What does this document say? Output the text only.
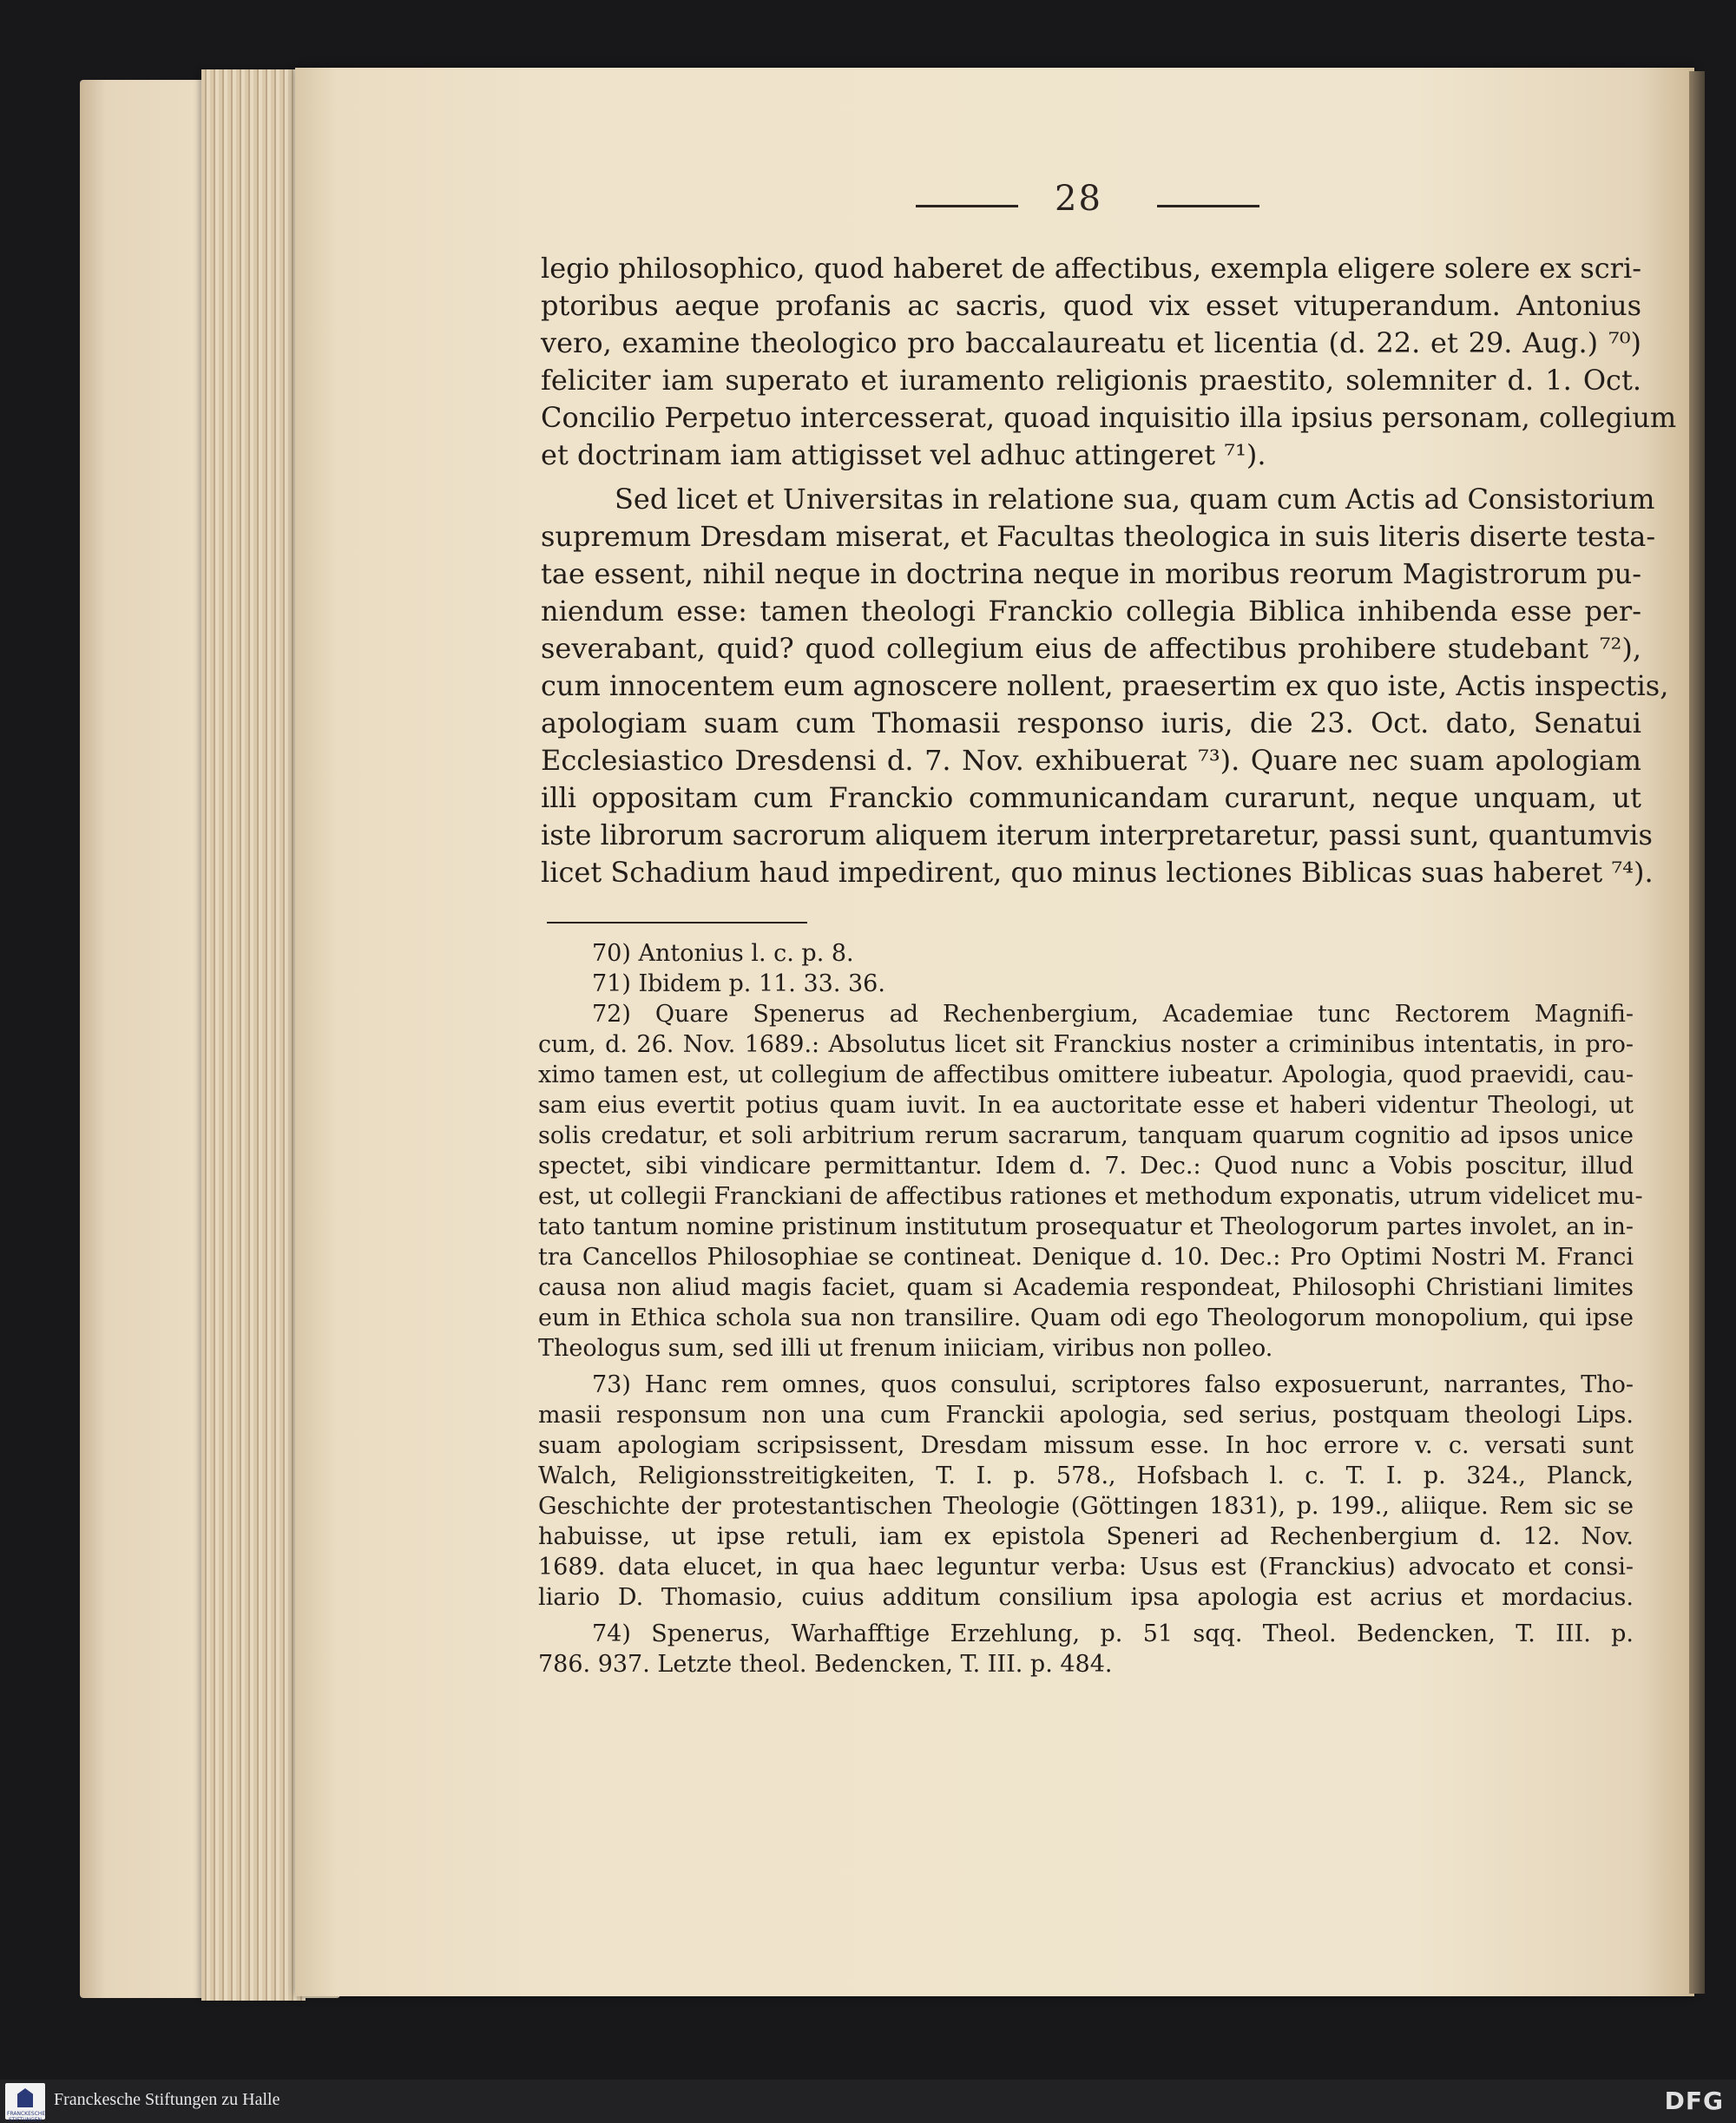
28
legio philosophico, quod haberet de affectibus, exempla eligere solere ex scri-
ptoribus aeque profanis ac sacris, quod vix esset vituperandum. Antonius
vero, examine theologico pro baccalaureatu et licentia (d. 22. et 29. Aug.) ⁷⁰)
feliciter iam superato et iuramento religionis praestito, solemniter d. 1. Oct.
Concilio Perpetuo intercesserat, quoad inquisitio illa ipsius personam, collegium
et doctrinam iam attigisset vel adhuc attingeret ⁷¹).
Sed licet et Universitas in relatione sua, quam cum Actis ad Consistorium
supremum Dresdam miserat, et Facultas theologica in suis literis diserte testa-
tae essent, nihil neque in doctrina neque in moribus reorum Magistrorum pu-
niendum esse: tamen theologi Franckio collegia Biblica inhibenda esse per-
severabant, quid? quod collegium eius de affectibus prohibere studebant ⁷²),
cum innocentem eum agnoscere nollent, praesertim ex quo iste, Actis inspectis,
apologiam suam cum Thomasii responso iuris, die 23. Oct. dato, Senatui
Ecclesiastico Dresdensi d. 7. Nov. exhibuerat ⁷³). Quare nec suam apologiam
illi oppositam cum Franckio communicandam curarunt, neque unquam, ut
iste librorum sacrorum aliquem iterum interpretaretur, passi sunt, quantumvis
licet Schadium haud impedirent, quo minus lectiones Biblicas suas haberet ⁷⁴).
70) Antonius l. c. p. 8.
71) Ibidem p. 11. 33. 36.
72) Quare Spenerus ad Rechenbergium, Academiae tunc Rectorem Magnifi-
cum, d. 26. Nov. 1689.: Absolutus licet sit Franckius noster a criminibus intentatis, in pro-
ximo tamen est, ut collegium de affectibus omittere iubeatur. Apologia, quod praevidi, cau-
sam eius evertit potius quam iuvit. In ea auctoritate esse et haberi videntur Theologi, ut
solis credatur, et soli arbitrium rerum sacrarum, tanquam quarum cognitio ad ipsos unice
spectet, sibi vindicare permittantur. Idem d. 7. Dec.: Quod nunc a Vobis poscitur, illud
est, ut collegii Franckiani de affectibus rationes et methodum exponatis, utrum videlicet mu-
tato tantum nomine pristinum institutum prosequatur et Theologorum partes involet, an in-
tra Cancellos Philosophiae se contineat. Denique d. 10. Dec.: Pro Optimi Nostri M. Franci
causa non aliud magis faciet, quam si Academia respondeat, Philosophi Christiani limites
eum in Ethica schola sua non transilire. Quam odi ego Theologorum monopolium, qui ipse
Theologus sum, sed illi ut frenum iniiciam, viribus non polleo.
73) Hanc rem omnes, quos consului, scriptores falso exposuerunt, narrantes, Tho-
masii responsum non una cum Franckii apologia, sed serius, postquam theologi Lips.
suam apologiam scripsissent, Dresdam missum esse. In hoc errore v. c. versati sunt
Walch, Religionsstreitigkeiten, T. I. p. 578., Hofsbach l. c. T. I. p. 324., Planck,
Geschichte der protestantischen Theologie (Göttingen 1831), p. 199., aliique. Rem sic se
habuisse, ut ipse retuli, iam ex epistola Speneri ad Rechenbergium d. 12. Nov.
1689. data elucet, in qua haec leguntur verba: Usus est (Franckius) advocato et consi-
liario D. Thomasio, cuius additum consilium ipsa apologia est acrius et mordacius.
74) Spenerus, Warhafftige Erzehlung, p. 51 sqq. Theol. Bedencken, T. III. p.
786. 937. Letzte theol. Bedencken, T. III. p. 484.
FRANCKESCHE STIFTUNGEN
Franckesche Stiftungen zu Halle	DFG
